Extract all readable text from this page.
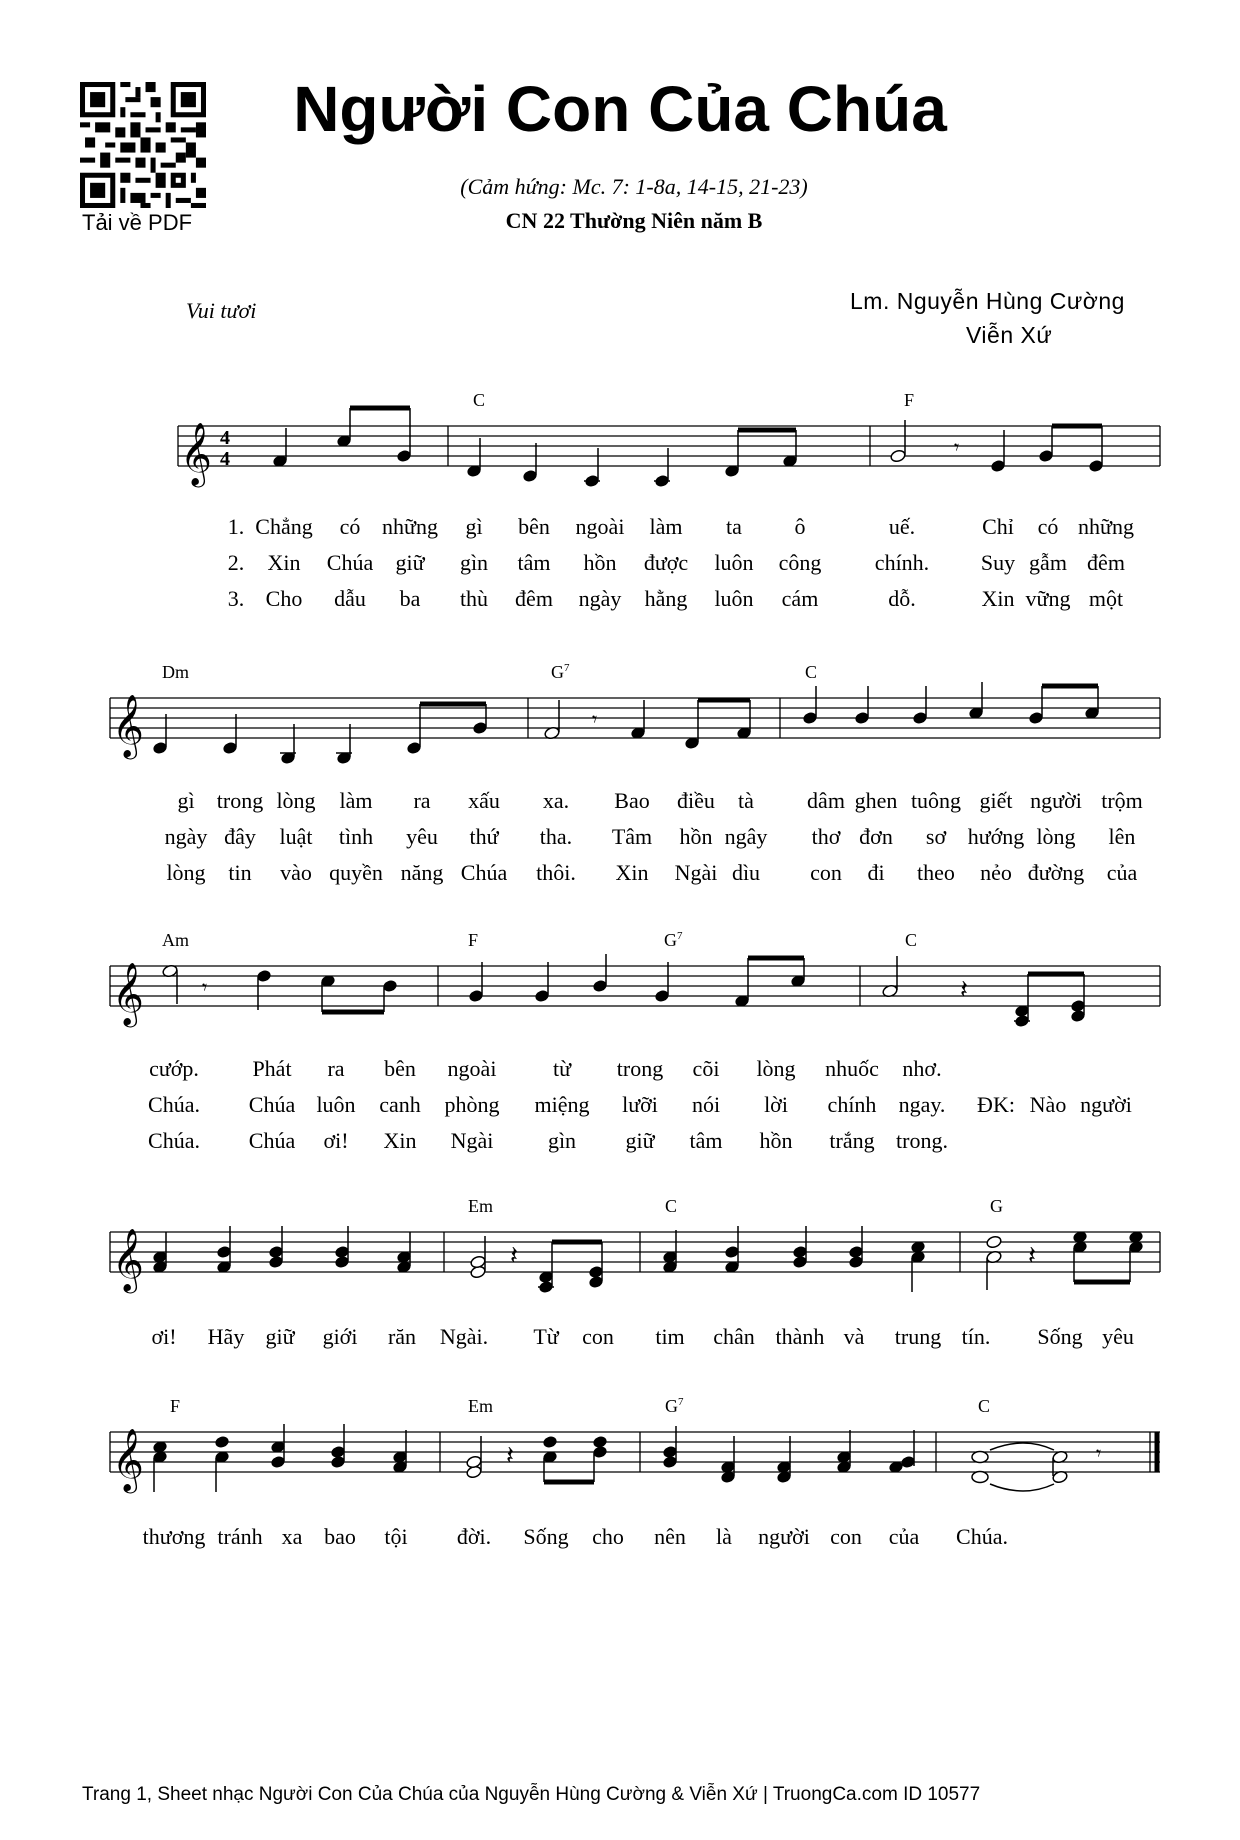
Tải về PDF
Người Con Của Chúa
(Cảm hứng: Mc. 7: 1-8a, 14-15, 21-23)
CN 22 Thường Niên năm B
Vui tươi	Lm. Nguyễn Hùng Cường
Viễn Xứ
C	F
𝄞 4
4	𝄾
1. Chẳng có những gì bên ngoài làm ta ô	uế.	Chỉ có những
2. Xin Chúa giữ gìn tâm hồn được luôn công chính. Suy gẫm đêm
3. Cho dẫu ba thù đêm ngày hằng luôn cám	dỗ.	Xin vững một
Dm	$G^7$	C
𝄞	𝄾
gì trong lòng làm ra xấu xa. Bao điều tà dâm ghen tuông giết người trộm
ngày đây luật tình yêu thứ tha. Tâm hồn ngây thơ đơn sơ hướng lòng lên
lòng tin vào quyền năng Chúa thôi. Xin Ngài dìu con đi theo nẻo đường của
Am	F	$G^7$	C
𝄞	𝄾	𝄽
cướp. Phát ra bên ngoài	từ trong cõi lòng nhuốc nhơ.
Chúa. Chúa luôn canh phòng miệng lưỡi nói lời chính ngay. ĐK: Nào người
Chúa. Chúa ơi! Xin Ngài gìn giữ tâm hồn trắng trong.
Em	C	G
𝄞	𝄽	𝄽
ơi! Hãy giữ giới răn Ngài. Từ con tim chân thành và trung tín. Sống yêu
F	Em	$G^7$	C
𝄞	𝄾
𝄽
thương tránh xa bao tội đời. Sống cho nên là người con của Chúa.
Trang 1, Sheet nhạc Người Con Của Chúa của Nguyễn Hùng Cường & Viễn Xứ | TruongCa.com ID 10577
